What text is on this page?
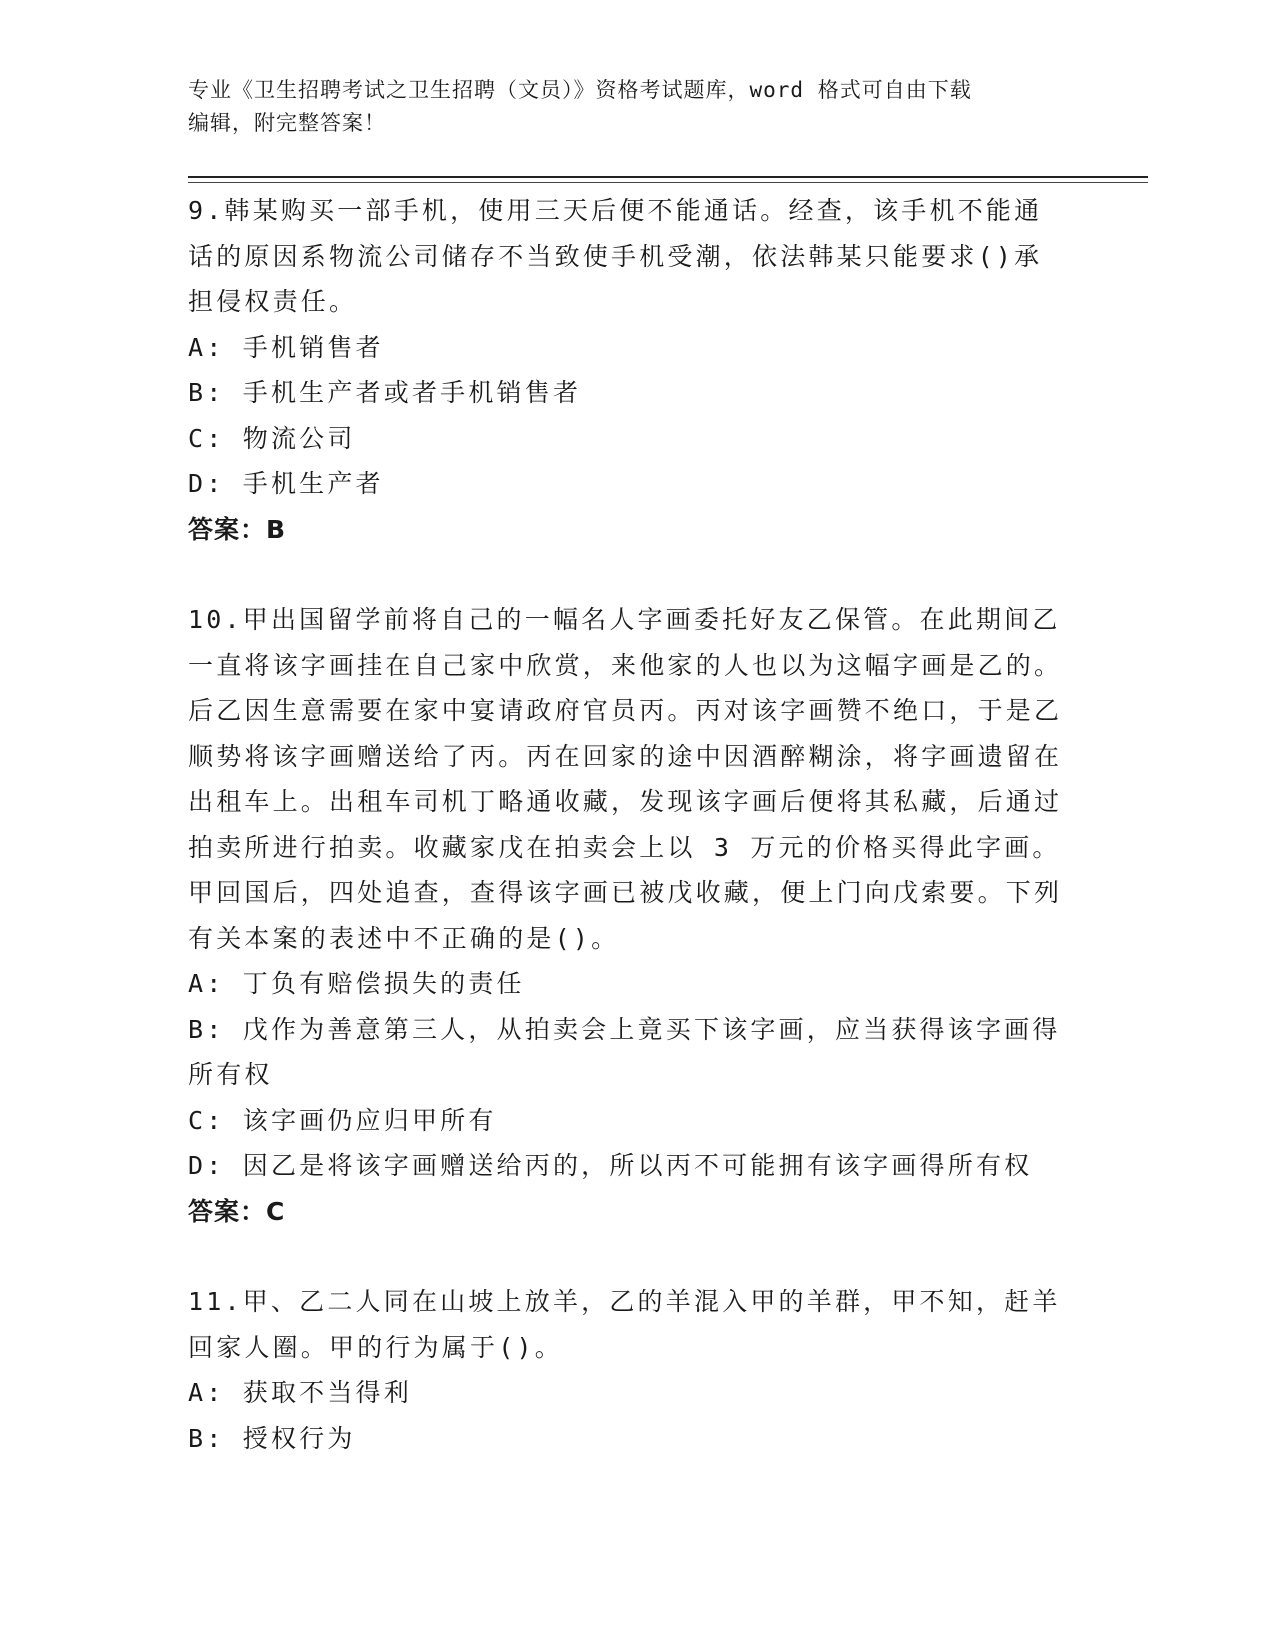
专业《卫生招聘考试之卫生招聘（文员）》资格考试题库，word 格式可自由下载
编辑，附完整答案！
9.韩某购买一部手机，使用三天后便不能通话。经查，该手机不能通话的原因系物流公司储存不当致使手机受潮，依法韩某只能要求()承担侵权责任。
A: 手机销售者
B: 手机生产者或者手机销售者
C: 物流公司
D: 手机生产者
答案：B
10.甲出国留学前将自己的一幅名人字画委托好友乙保管。在此期间乙一直将该字画挂在自己家中欣赏，来他家的人也以为这幅字画是乙的。后乙因生意需要在家中宴请政府官员丙。丙对该字画赞不绝口，于是乙顺势将该字画赠送给了丙。丙在回家的途中因酒醉糊涂，将字画遗留在出租车上。出租车司机丁略通收藏，发现该字画后便将其私藏，后通过拍卖所进行拍卖。收藏家戊在拍卖会上以 3 万元的价格买得此字画。甲回国后，四处追查，查得该字画已被戊收藏，便上门向戊索要。下列有关本案的表述中不正确的是()。
A: 丁负有赔偿损失的责任
B: 戊作为善意第三人，从拍卖会上竟买下该字画，应当获得该字画得所有权
C: 该字画仍应归甲所有
D: 因乙是将该字画赠送给丙的，所以丙不可能拥有该字画得所有权
答案：C
11.甲、乙二人同在山坡上放羊，乙的羊混入甲的羊群，甲不知，赶羊回家人圈。甲的行为属于()。
A: 获取不当得利
B: 授权行为
